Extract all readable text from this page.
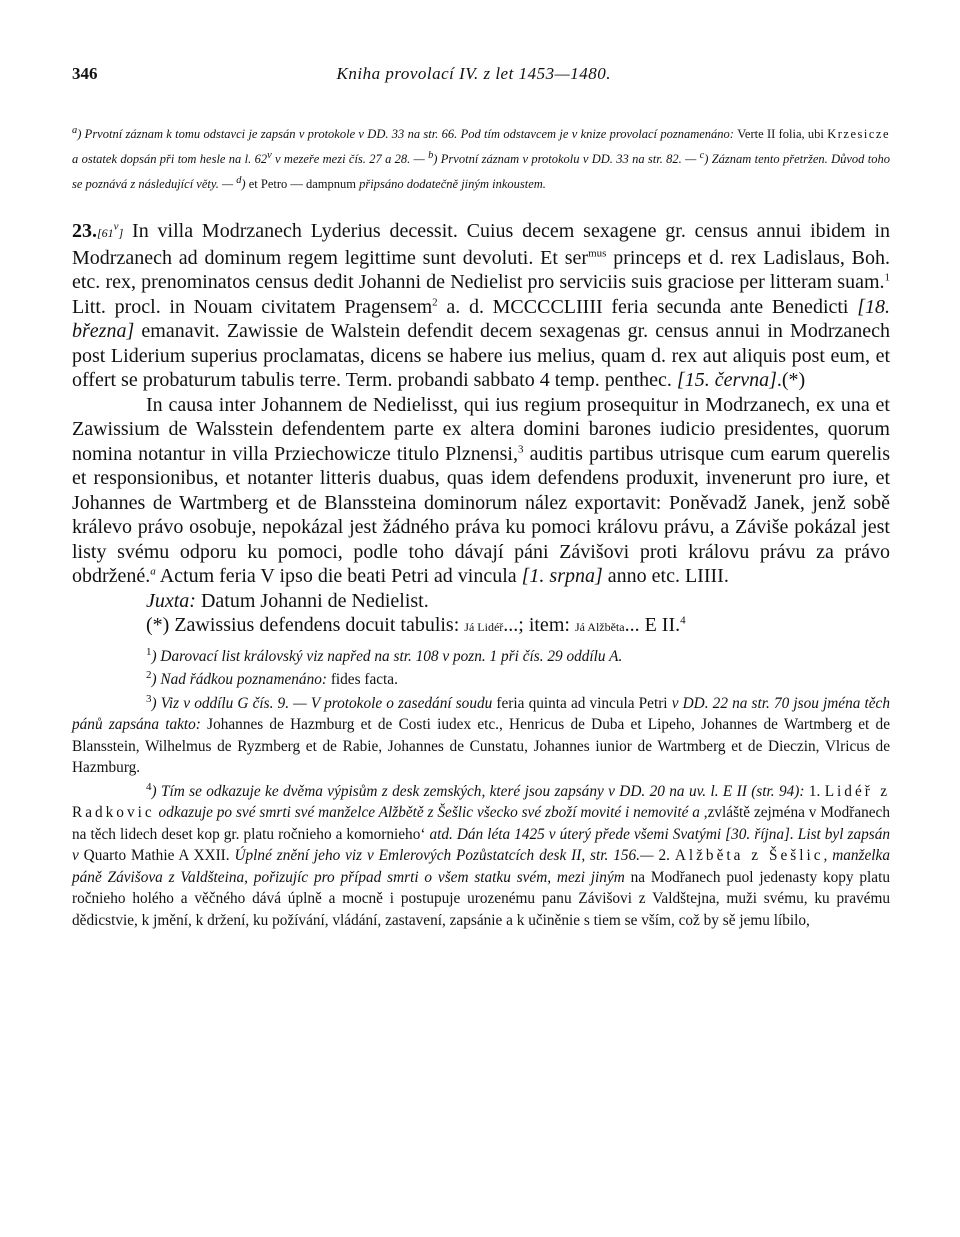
346	Kniha provolací IV. z let 1453—1480.
$^a$) Prvotní záznam k tomu odstavci je zapsán v protokole v DD. 33 na str. 66. Pod tím odstavcem je v knize provolací poznamenáno: Verte II folia, ubi Krzesicze a ostatek dopsán při tom hesle na l. 62$^v$ v mezeře mezi čís. 27 a 28. — $^b$) Prvotní záznam v protokolu v DD. 33 na str. 82. — $^c$) Záznam tento přetržen. Důvod toho se poznává z následující věty. — $^d$) et Petro — dampnum připsáno dodatečně jiným inkoustem.

23.[61$^v$] In villa Modrzanech Lyderius decessit. Cuius decem sexagene gr. census annui ibidem in Modrzanech ad dominum regem legittime sunt devoluti. Et ser$^{mus}$ princeps et d. rex Ladislaus, Boh. etc. rex, prenominatos census dedit Johanni de Nedielist pro serviciis suis graciose per litteram suam.$^1$ Litt. procl. in Nouam civitatem Pragensem$^2$ a. d. MCCCCLIIII feria secunda ante Benedicti [18. března] emanavit. Zawissie de Walstein defendit decem sexagenas gr. census annui in Modrzanech post Liderium superius proclamatas, dicens se habere ius melius, quam d. rex aut aliquis post eum, et offert se probaturum tabulis terre. Term. probandi sabbato 4 temp. penthec. [15. června].(*)

In causa inter Johannem de Nedielisst, qui ius regium prosequitur in Modrzanech, ex una et Zawissium de Walsstein defendentem parte ex altera domini barones iudicio presidentes, quorum nomina notantur in villa Prziechowicze titulo Plznensi,$^3$ auditis partibus utrisque cum earum querelis et responsionibus, et notanter litteris duabus, quas idem defendens produxit, invenerunt pro iure, et Johannes de Wartmberg et de Blanssteina dominorum nález exportavit: Poněvadž Janek, jenž sobě králevo právo osobuje, nepokázal jest žádného práva ku pomoci královu právu, a Záviše pokázal jest listy svému odporu ku pomoci, podle toho dávají páni Závišovi proti královu právu za právo obdržené.$^a$ Actum feria V ipso die beati Petri ad vincula [1. srpna] anno etc. LIIII.

Juxta: Datum Johanni de Nedielist.

(*) Zawissius defendens docuit tabulis: Já Lidéř...; item: Já Alžběta... E II.$^4$

$^1$) Darovací list královský viz napřed na str. 108 v pozn. 1 při čís. 29 oddílu A.

$^2$) Nad řádkou poznamenáno: fides facta.

$^3$) Viz v oddílu G čís. 9. — V protokole o zasedání soudu feria quinta ad vincula Petri v DD. 22 na str. 70 jsou jména těch pánů zapsána takto: Johannes de Hazmburg et de Costi iudex etc., Henricus de Duba et Lipeho, Johannes de Wartmberg et de Blansstein, Wilhelmus de Ryzmberg et de Rabie, Johannes de Cunstatu, Johannes iunior de Wartmberg et de Dieczin, Vlricus de Hazmburg.

$^4$) Tím se odkazuje ke dvěma výpisům z desk zemských, které jsou zapsány v DD. 20 na uv. l. E II (str. 94): 1. Lidéř z Radkovic odkazuje po své smrti své manželce Alžbětě z Šešlic všecko své zboží movité i nemovité a ,zvláště zejména v Modřanech na těch lidech deset kop gr. platu ročnieho a komornieho‘ atd. Dán léta 1425 v úterý přede všemi Svatými [30. října]. List byl zapsán v Quarto Mathie A XXII. Úplné znění jeho viz v Emlerových Pozůstatcích desk II, str. 156.— 2. Alžběta z Šešlic, manželka páně Závišova z Valdšteina, pořizujíc pro případ smrti o všem statku svém, mezi jiným na Modřanech puol jedenasty kopy platu ročnieho holého a věčného dává úplně a mocně i postupuje urozenému panu Závišovi z Valdštejna, muži svému, ku pravému dědicstvie, k jmění, k držení, ku požívání, vládání, zastavení, zapsánie a k učiněnie s tiem se vším, což by sě jemu líbilo,
